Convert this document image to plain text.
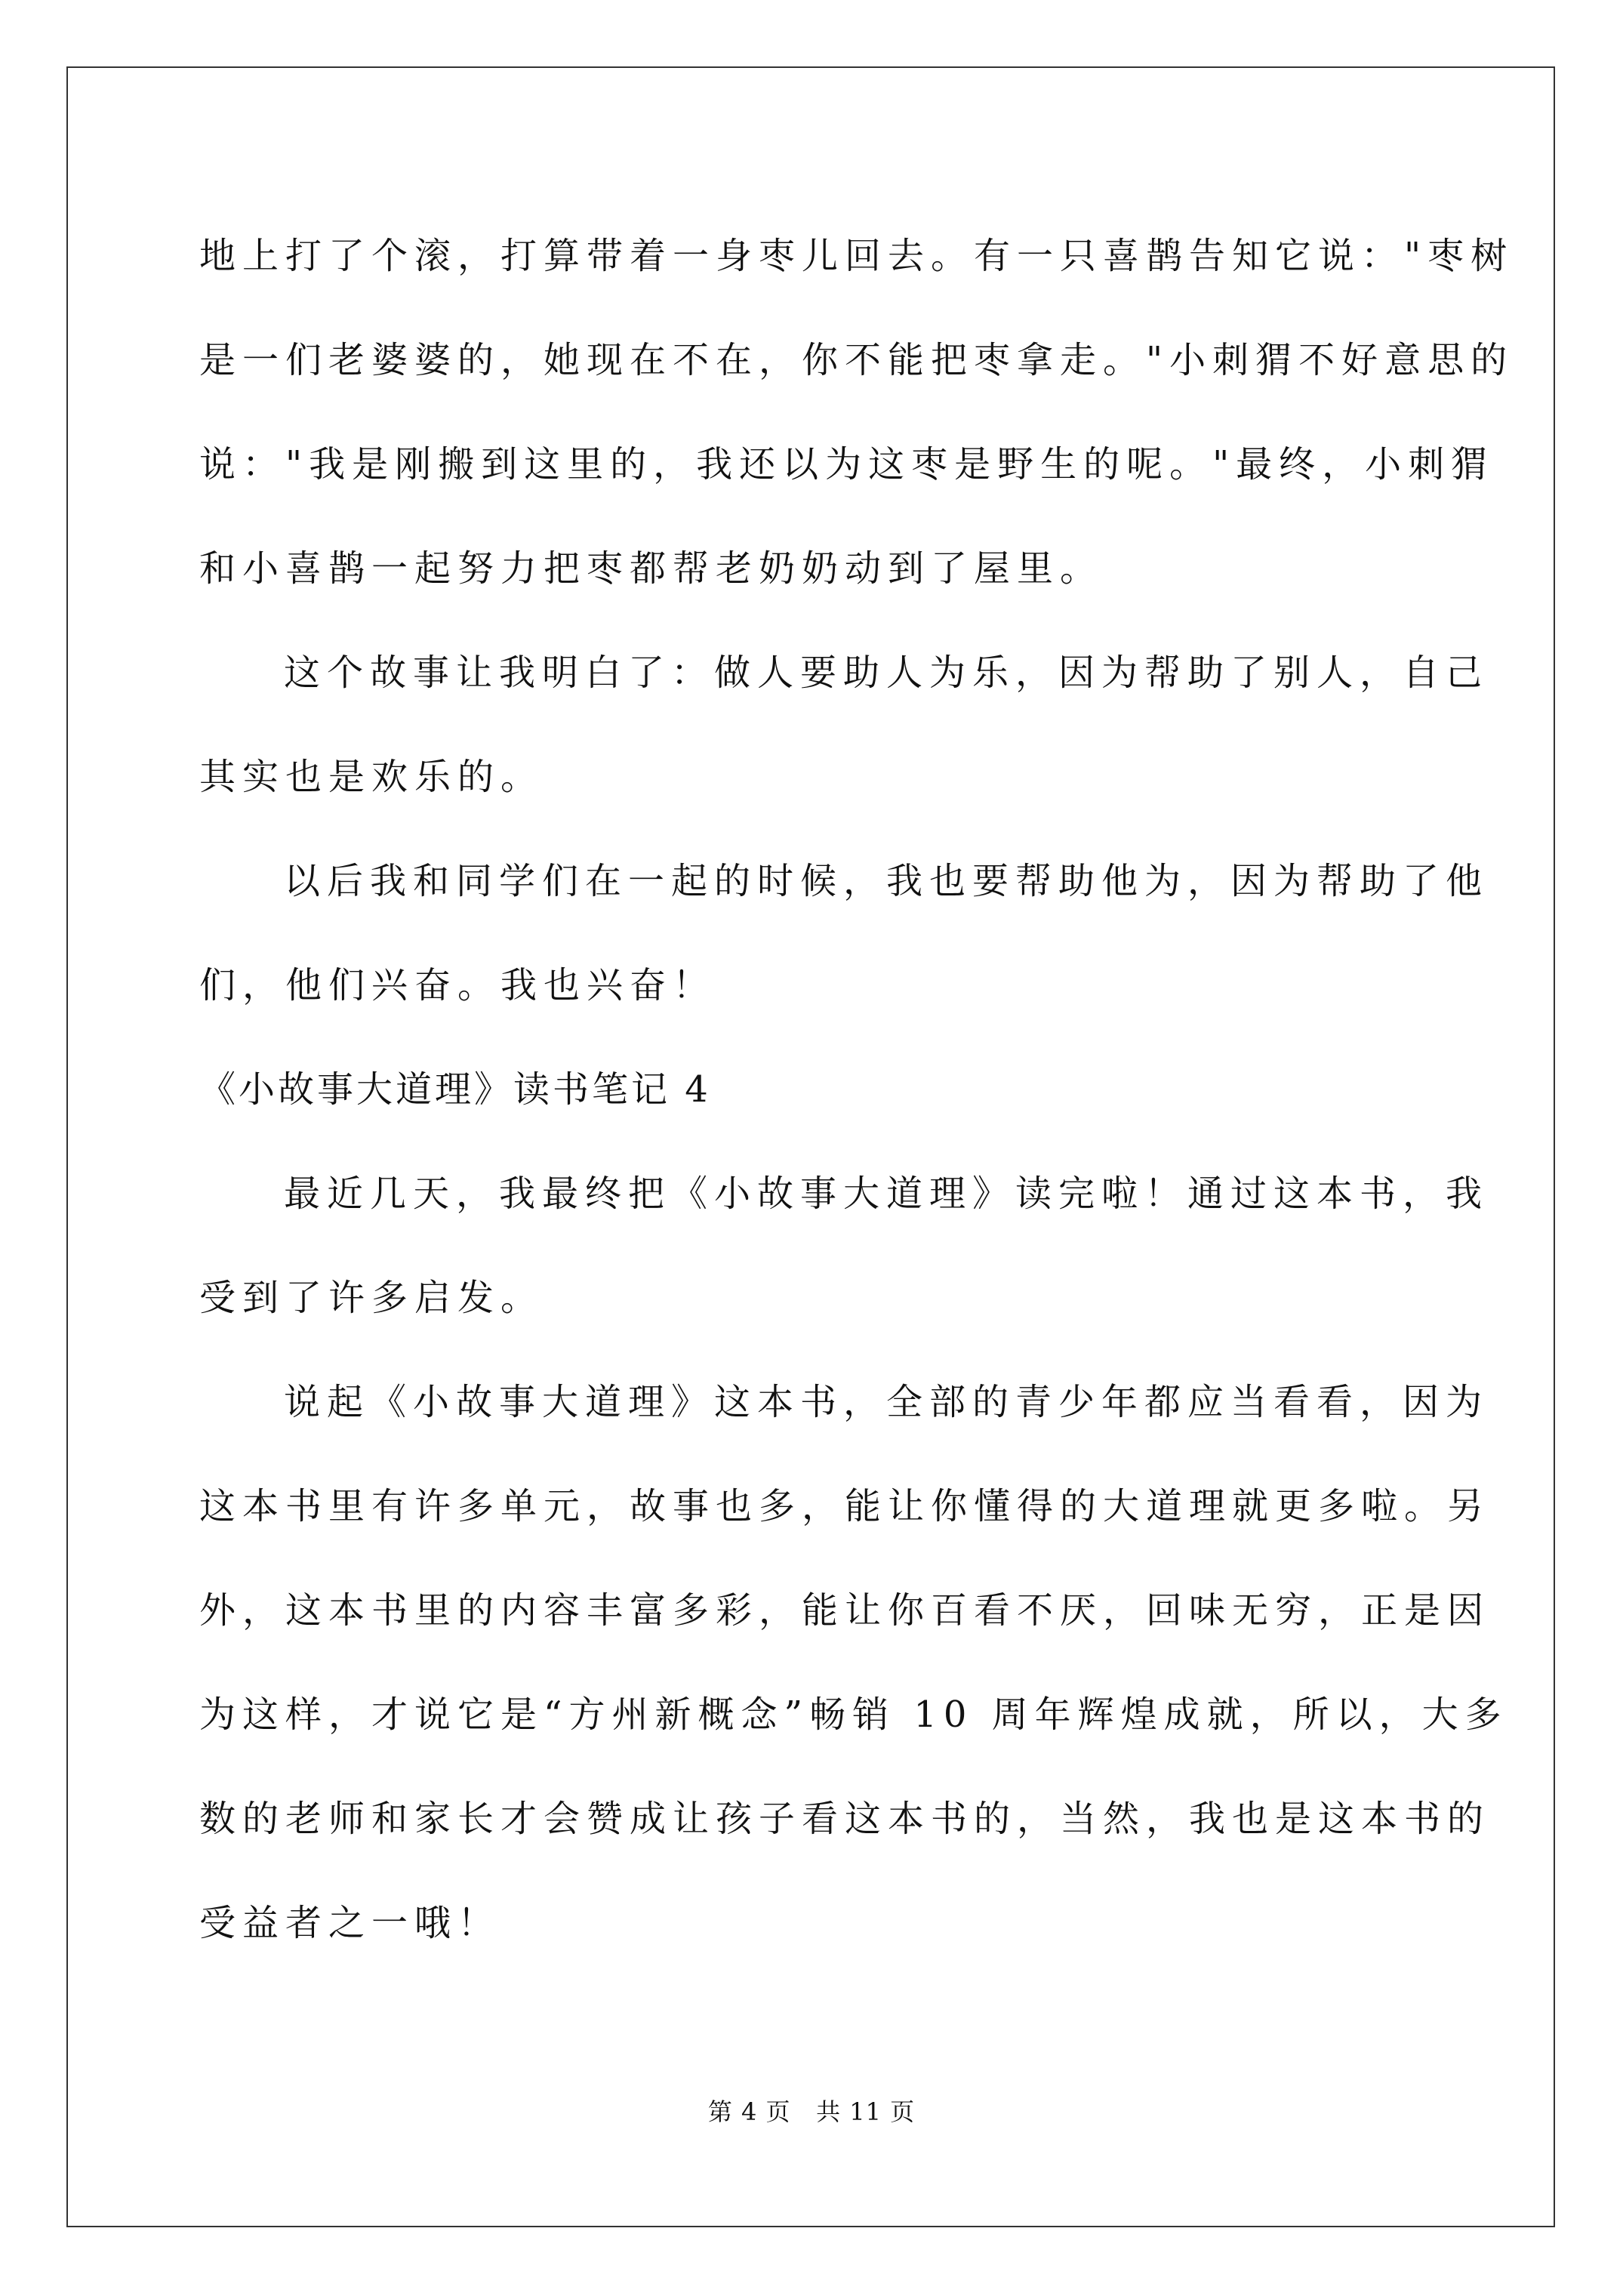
地上打了个滚，打算带着一身枣儿回去。有一只喜鹊告知它说："枣树
是一们老婆婆的，她现在不在，你不能把枣拿走。"小刺猬不好意思的
说："我是刚搬到这里的，我还以为这枣是野生的呢。"最终，小刺猬
和小喜鹊一起努力把枣都帮老奶奶动到了屋里。
这个故事让我明白了：做人要助人为乐，因为帮助了别人，自己
其实也是欢乐的。
以后我和同学们在一起的时候，我也要帮助他为，因为帮助了他
们，他们兴奋。我也兴奋！
《小故事大道理》读书笔记 4
最近几天，我最终把《小故事大道理》读完啦！通过这本书，我
受到了许多启发。
说起《小故事大道理》这本书，全部的青少年都应当看看，因为
这本书里有许多单元，故事也多，能让你懂得的大道理就更多啦。另
外，这本书里的内容丰富多彩，能让你百看不厌，回味无穷，正是因
为这样，才说它是“方州新概念”畅销 10 周年辉煌成就，所以，大多
数的老师和家长才会赞成让孩子看这本书的，当然，我也是这本书的
受益者之一哦！
第 4 页   共 11 页
